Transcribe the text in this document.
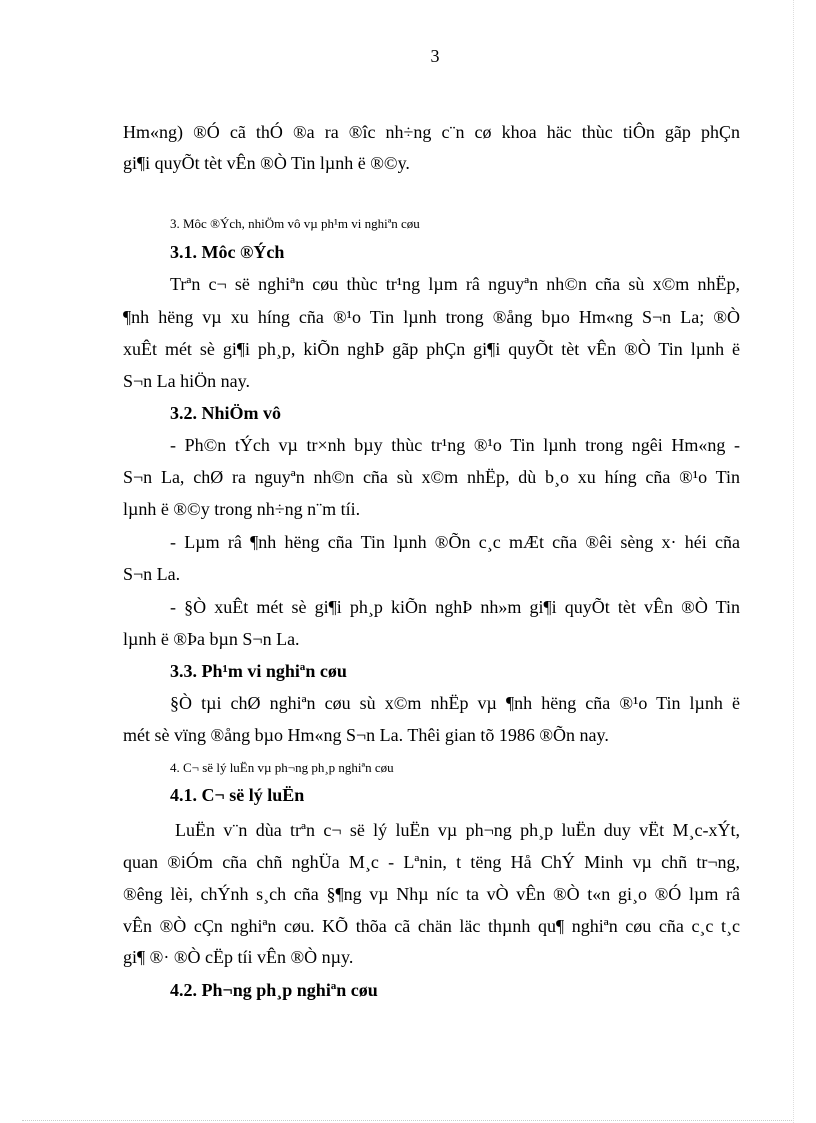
3
Hm«ng) ®Ó cã thÓ ®a ra ®îc nh÷ng c¨n cø khoa häc thùc tiÔn gãp phÇn
gi¶i quyÕt tèt vÊn ®Ò Tin lµnh ë ®©y.
3. Môc ®Ých, nhiÖm vô vµ ph¹m vi nghiªn cøu
3.1. Môc ®Ých
Trªn c¬ së nghiªn cøu thùc tr¹ng lµm râ nguyªn nh©n cña sù x©m nhËp,
¶nh hëng vµ xu híng cña ®¹o Tin lµnh trong ®ång bµo Hm«ng S¬n La; ®Ò
xuÊt mét sè gi¶i ph¸p, kiÕn nghÞ gãp phÇn gi¶i quyÕt tèt vÊn ®Ò Tin lµnh ë
S¬n La hiÖn nay.
3.2. NhiÖm vô
- Ph©n tÝch vµ tr×nh bµy thùc tr¹ng ®¹o Tin lµnh trong ngêi Hm«ng -
S¬n La, chØ ra nguyªn nh©n cña sù x©m nhËp, dù b¸o xu híng cña ®¹o Tin
lµnh ë ®©y trong nh÷ng n¨m tíi.
- Lµm râ ¶nh hëng cña Tin lµnh ®Õn c¸c mÆt cña ®êi sèng x· héi cña
S¬n La.
- §Ò xuÊt mét sè gi¶i ph¸p kiÕn nghÞ nh»m gi¶i quyÕt tèt vÊn ®Ò Tin
lµnh ë ®Þa bµn S¬n La.
3.3. Ph¹m vi nghiªn cøu
§Ò tµi chØ nghiªn cøu sù x©m nhËp vµ ¶nh hëng cña ®¹o Tin lµnh ë
mét sè vïng ®ång bµo Hm«ng S¬n La. Thêi gian tõ 1986 ®Õn nay.
4. C¬ së lý luËn vµ ph¬ng ph¸p nghiªn cøu
4.1. C¬ së lý luËn
LuËn v¨n dùa trªn c¬ së lý luËn vµ ph¬ng ph¸p luËn duy vËt M¸c-xÝt,
quan ®iÓm cña chñ nghÜa M¸c - Lªnin, t tëng Hå ChÝ Minh vµ chñ tr¬ng,
®êng lèi, chÝnh s¸ch cña §¶ng vµ Nhµ níc ta vÒ vÊn ®Ò t«n gi¸o ®Ó lµm râ
vÊn ®Ò cÇn nghiªn cøu. KÕ thõa cã chän läc thµnh qu¶ nghiªn cøu cña c¸c t¸c
gi¶ ®· ®Ò cËp tíi vÊn ®Ò nµy.
4.2. Ph¬ng ph¸p nghiªn cøu
